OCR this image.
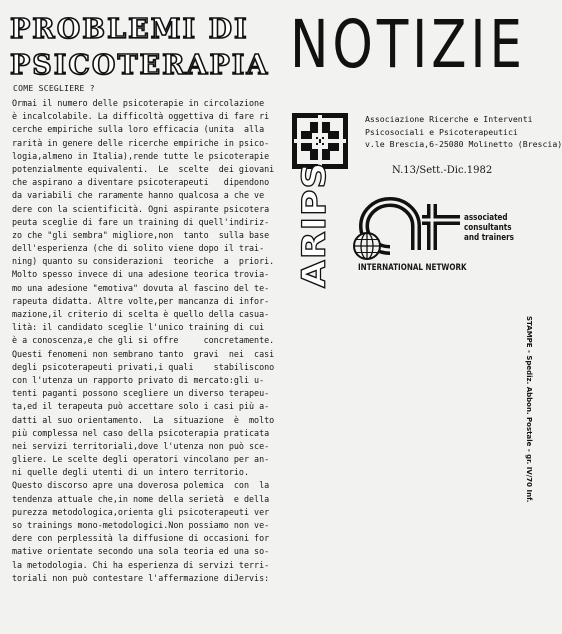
PROBLEMI DI
PSICOTERAPIA
COME SCEGLIERE ?
Ormai il numero delle psicoterapie in circolazione
è incalcolabile. La difficoltà oggettiva di fare ri
cerche empiriche sulla loro efficacia (unita  alla
rarità in genere delle ricerche empiriche in psico-
logia,almeno in Italia),rende tutte le psicoterapie
potenzialmente equivalenti.  Le  scelte  dei giovani
che aspirano a diventare psicoterapeuti   dipendono
da variabili che raramente hanno qualcosa a che ve
dere con la scientificità. Ogni aspirante psicotera
peuta sceglie di fare un training di quell'indiriz-
zo che "gli sembra" migliore,non  tanto  sulla base
dell'esperienza (che di solito viene dopo il trai-
ning) quanto su considerazioni  teoriche  a  priori.
Molto spesso invece di una adesione teorica trovia-
mo una adesione "emotiva" dovuta al fascino del te-
rapeuta didatta. Altre volte,per mancanza di infor-
mazione,il criterio di scelta è quello della casua-
lità: il candidato sceglie l'unico training di cui
è a conoscenza,e che gli si offre     concretamente.
Questi fenomeni non sembrano tanto  gravi  nei  casi
degli psicoterapeuti privati,i quali    stabiliscono
con l'utenza un rapporto privato di mercato:gli u-
tenti paganti possono scegliere un diverso terapeu-
ta,ed il terapeuta può accettare solo i casi più a-
datti al suo orientamento.  La  situazione  è  molto
più complessa nel caso della psicoterapia praticata
nei servizi territoriali,dove l'utenza non può sce-
gliere. Le scelte degli operatori vincolano per an-
ni quelle degli utenti di un intero territorio.
Questo discorso apre una doverosa polemica  con  la
tendenza attuale che,in nome della serietà  e della
purezza metodologica,orienta gli psicoterapeuti ver
so trainings mono-metodologici.Non possiamo non ve-
dere con perplessità la diffusione di occasioni for
mative orientate secondo una sola teoria ed una so-
la metodologia. Chi ha esperienza di servizi terri-
toriali non può contestare l'affermazione diJervis:
NOTIZIE
Associazione Ricerche e Interventi
Psicosociali e Psicoterapeutici
v.le Brescia,6-25080 Molinetto (Brescia)
N.13/Sett.-Dic.1982
ARIPS	at
associated
consultants
and trainers
INTERNATIONAL NETWORK
STAMPE - Spediz. Abbon. Postale - gr. IV/70 Inf.
